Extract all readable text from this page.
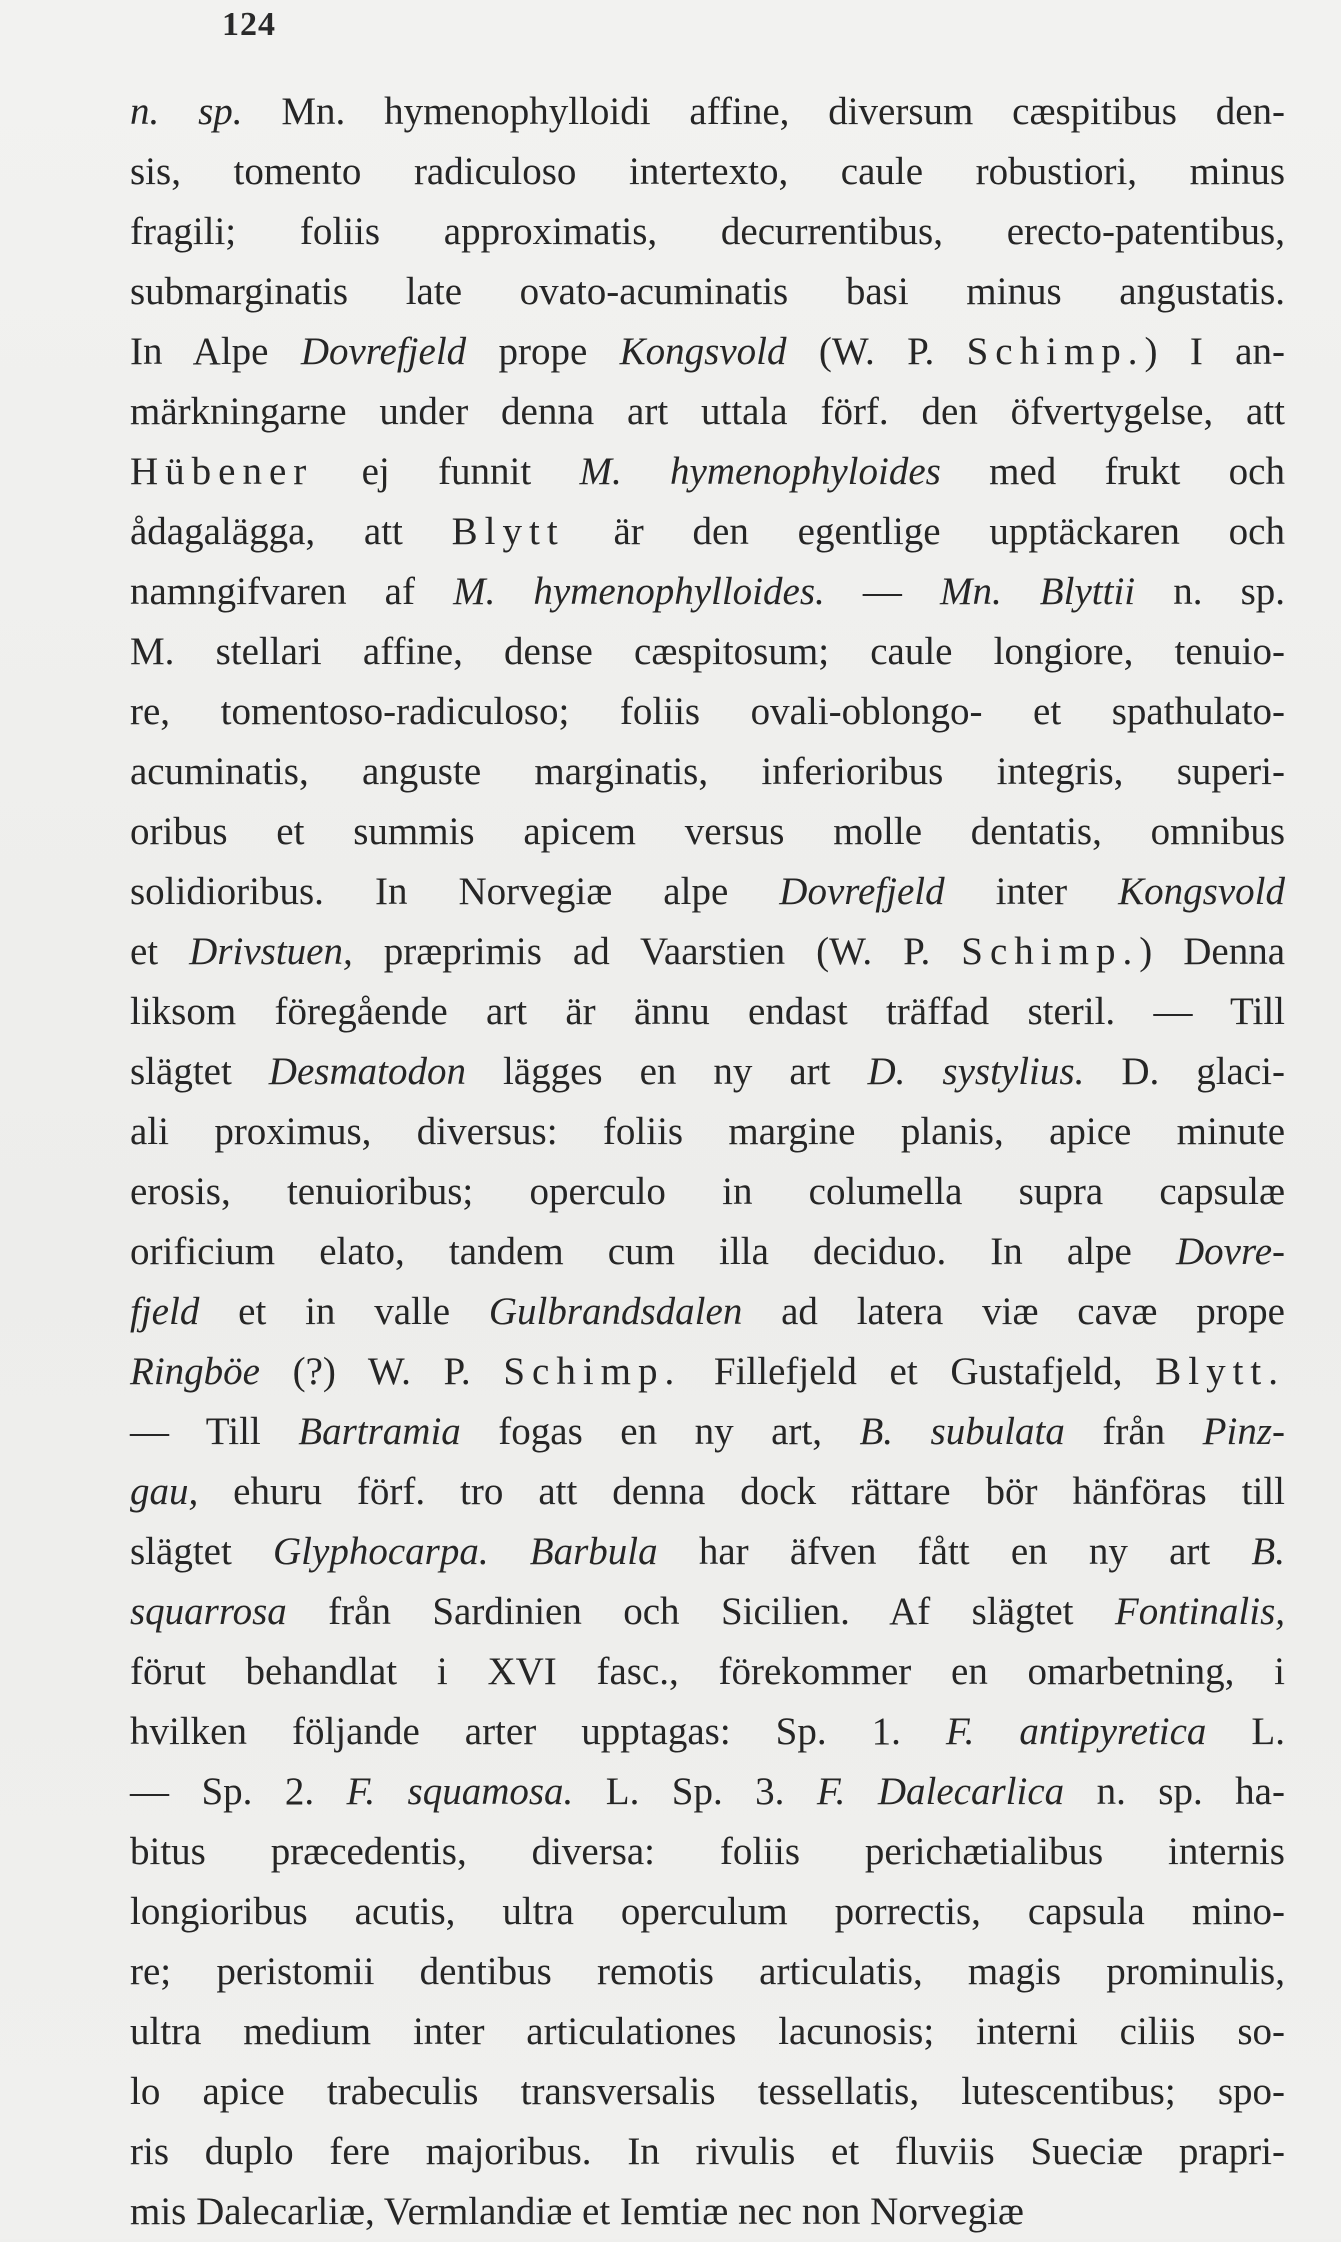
124
n. sp. Mn. hymenophylloidi affine, diversum cæspitibus den-
sis, tomento radiculoso intertexto, caule robustiori, minus
fragili; foliis approximatis, decurrentibus, erecto-patentibus,
submarginatis late ovato-acuminatis basi minus angustatis.
In Alpe Dovrefjeld prope Kongsvold (W. P. Schimp.) I an-
märkningarne under denna art uttala förf. den öfvertygelse, att
Hübener ej funnit M. hymenophyloides med frukt och
ådagalägga, att Blytt är den egentlige upptäckaren och
namngifvaren af M. hymenophylloides. — Mn. Blyttii n. sp.
M. stellari affine, dense cæspitosum; caule longiore, tenuio-
re, tomentoso-radiculoso; foliis ovali-oblongo- et spathulato-
acuminatis, anguste marginatis, inferioribus integris, superi-
oribus et summis apicem versus molle dentatis, omnibus
solidioribus. In Norvegiæ alpe Dovrefjeld inter Kongsvold
et Drivstuen, præprimis ad Vaarstien (W. P. Schimp.) Denna
liksom föregående art är ännu endast träffad steril. — Till
slägtet Desmatodon lägges en ny art D. systylius. D. glaci-
ali proximus, diversus: foliis margine planis, apice minute
erosis, tenuioribus; operculo in columella supra capsulæ
orificium elato, tandem cum illa deciduo. In alpe Dovre-
fjeld et in valle Gulbrandsdalen ad latera viæ cavæ prope
Ringböe (?) W. P. Schimp. Fillefjeld et Gustafjeld, Blytt.
— Till Bartramia fogas en ny art, B. subulata från Pinz-
gau, ehuru förf. tro att denna dock rättare bör hänföras till
slägtet Glyphocarpa. Barbula har äfven fått en ny art B.
squarrosa från Sardinien och Sicilien. Af slägtet Fontinalis,
förut behandlat i XVI fasc., förekommer en omarbetning, i
hvilken följande arter upptagas: Sp. 1. F. antipyretica L.
— Sp. 2. F. squamosa. L. Sp. 3. F. Dalecarlica n. sp. ha-
bitus præcedentis, diversa: foliis perichætialibus internis
longioribus acutis, ultra operculum porrectis, capsula mino-
re; peristomii dentibus remotis articulatis, magis prominulis,
ultra medium inter articulationes lacunosis; interni ciliis so-
lo apice trabeculis transversalis tessellatis, lutescentibus; spo-
ris duplo fere majoribus. In rivulis et fluviis Sueciæ prapri-
mis Dalecarliæ, Vermlandiæ et Iemtiæ nec non Norvegiæ
